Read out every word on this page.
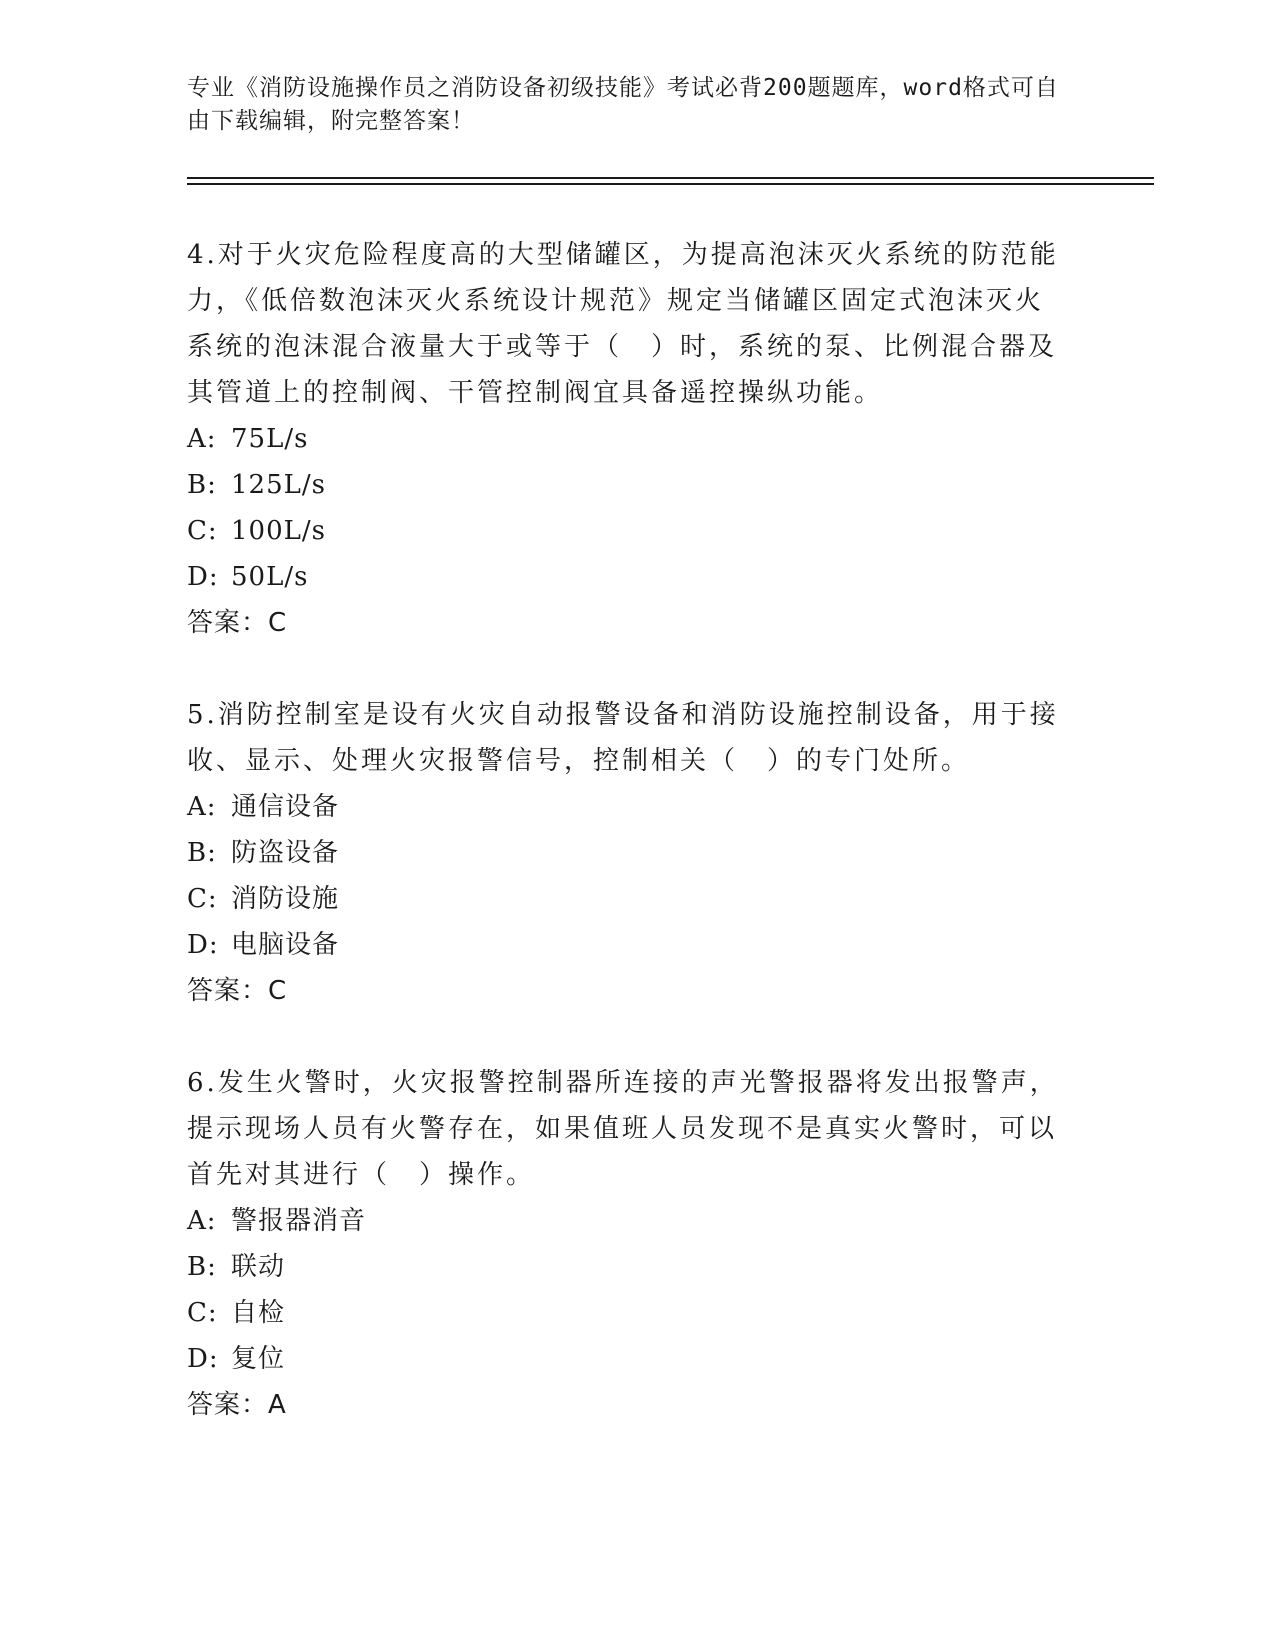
专业《消防设施操作员之消防设备初级技能》考试必背200题题库，word格式可自由下载编辑，附完整答案！
4.对于火灾危险程度高的大型储罐区，为提高泡沫灭火系统的防范能力，《低倍数泡沫灭火系统设计规范》规定当储罐区固定式泡沫灭火系统的泡沫混合液量大于或等于（　）时，系统的泵、比例混合器及其管道上的控制阀、干管控制阀宜具备遥控操纵功能。
A: 75L/s
B: 125L/s
C: 100L/s
D: 50L/s
答案：C
5.消防控制室是设有火灾自动报警设备和消防设施控制设备，用于接收、显示、处理火灾报警信号，控制相关（　）的专门处所。
A: 通信设备
B: 防盗设备
C: 消防设施
D: 电脑设备
答案：C
6.发生火警时，火灾报警控制器所连接的声光警报器将发出报警声，提示现场人员有火警存在，如果值班人员发现不是真实火警时，可以首先对其进行（　）操作。
A: 警报器消音
B: 联动
C: 自检
D: 复位
答案：A
